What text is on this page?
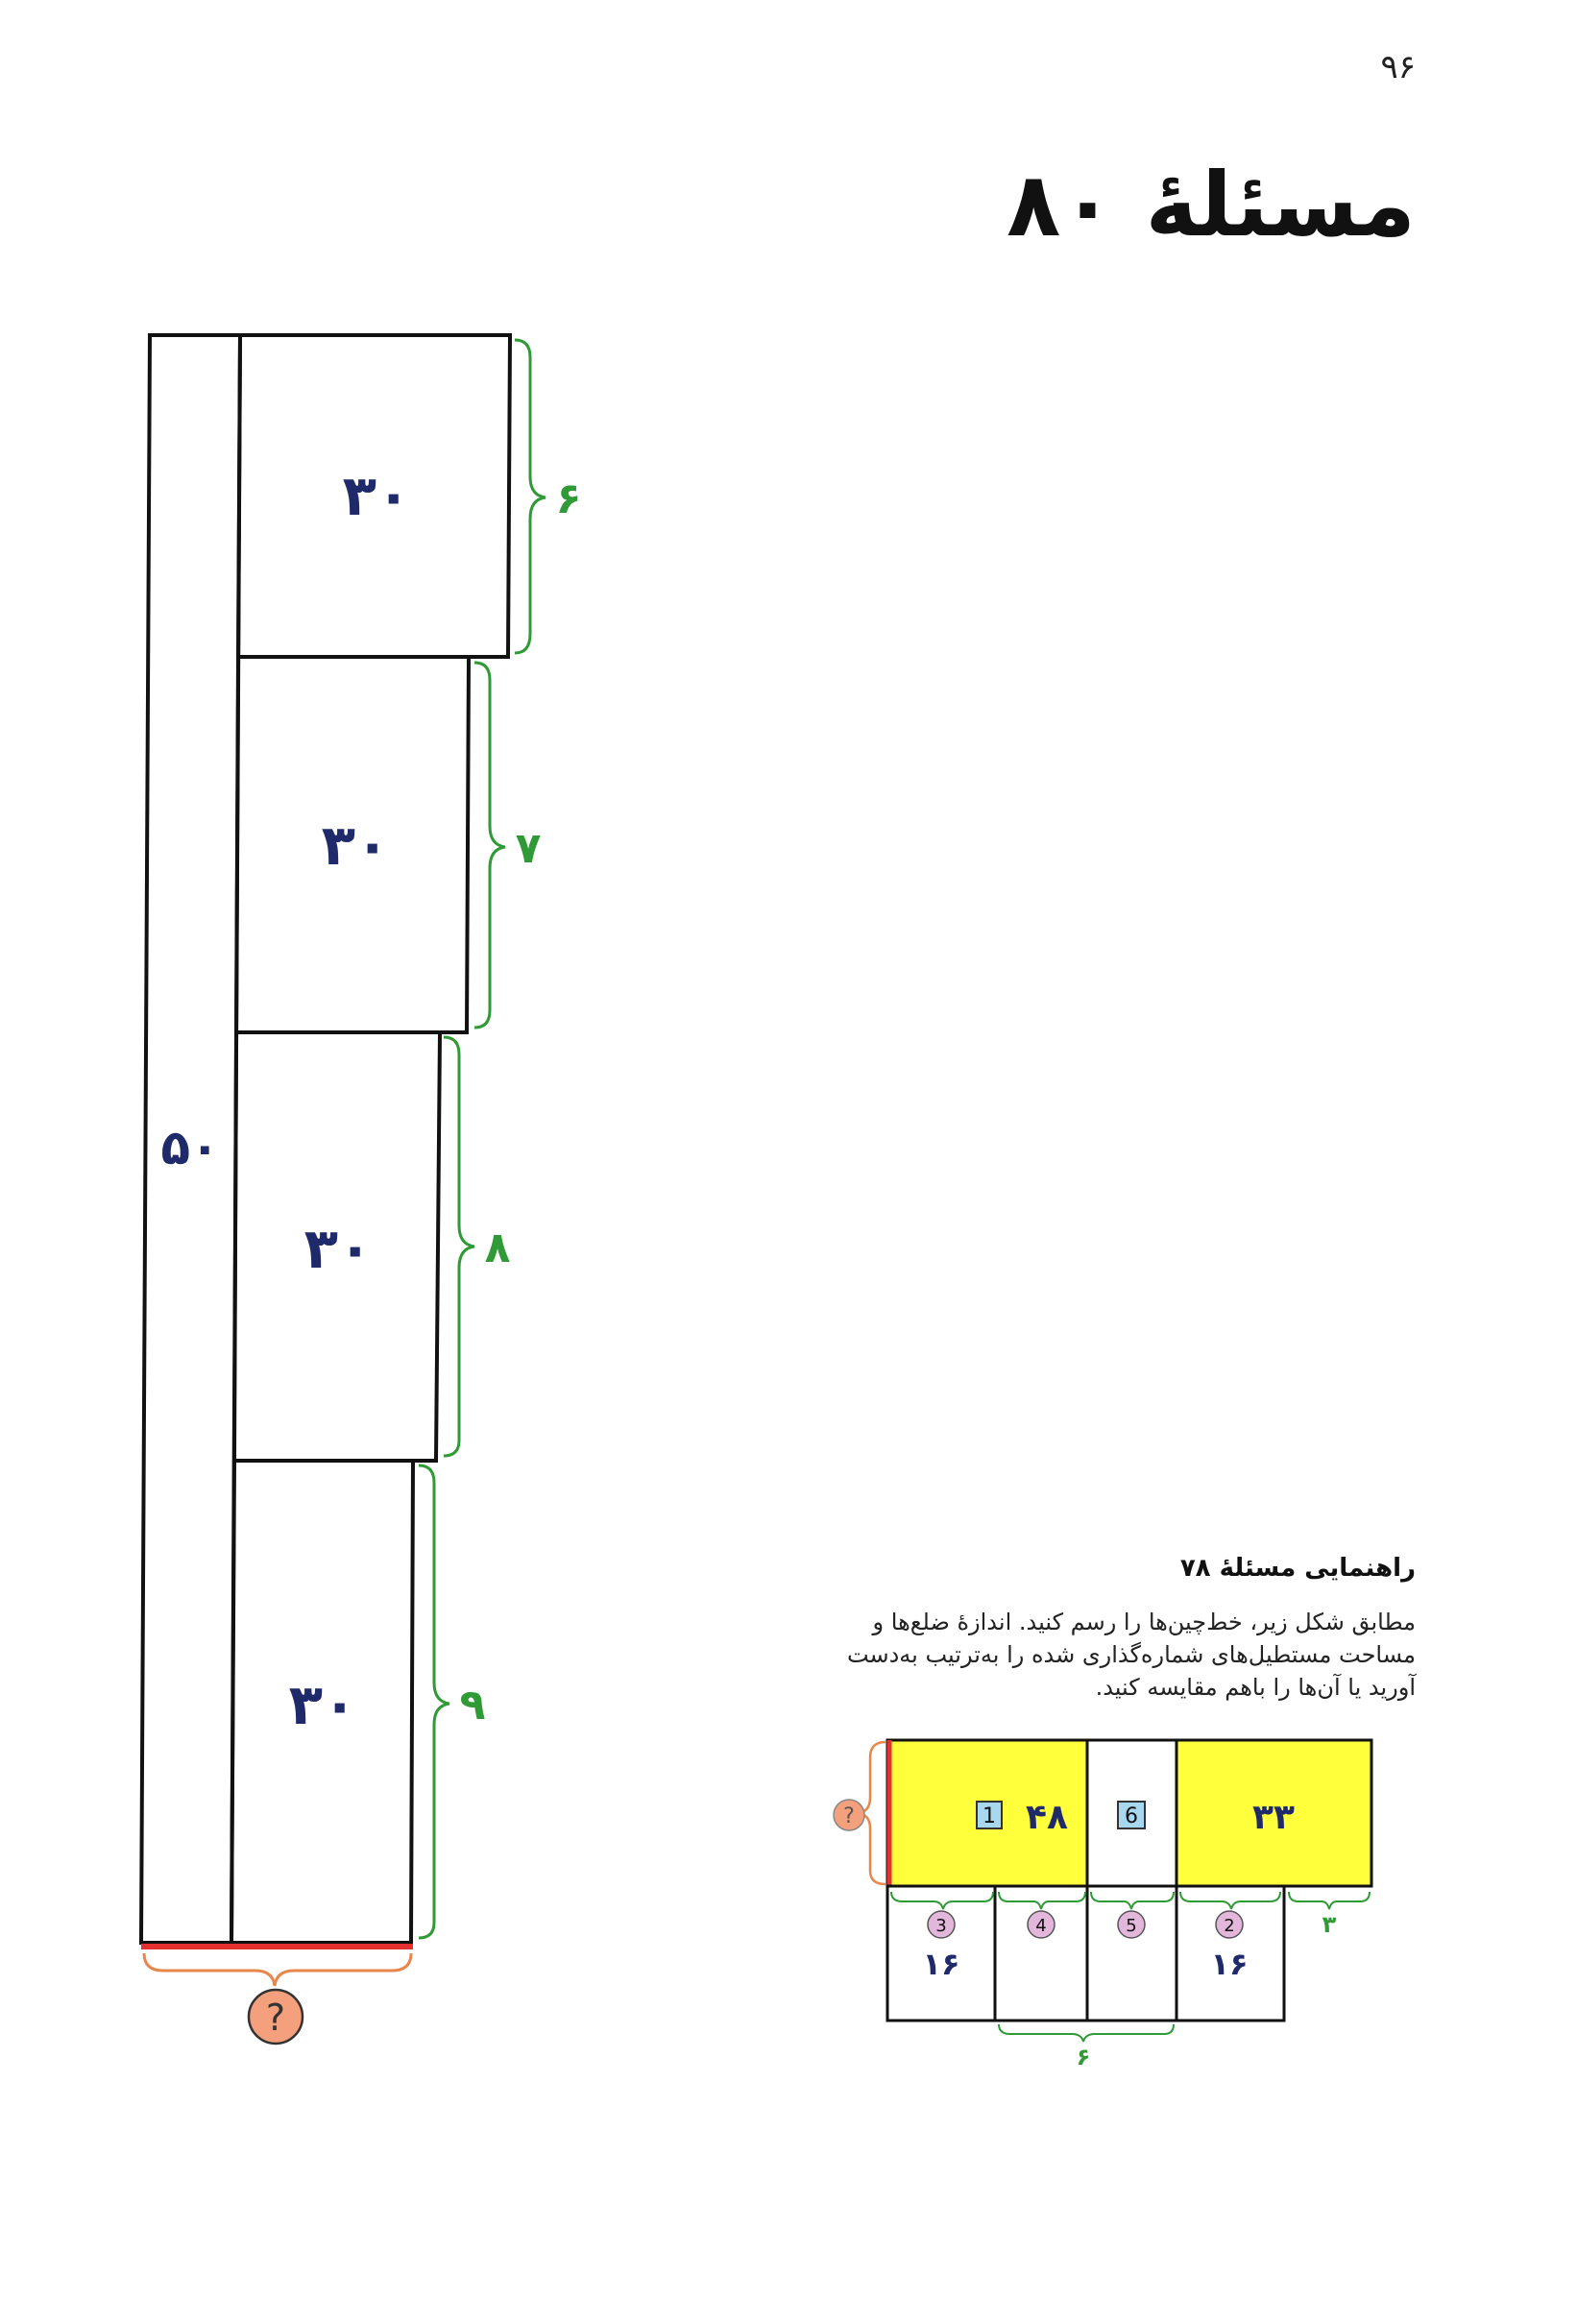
۹۶
مسئلهٔ ۸۰
۵۰
۳۰
۳۰
۳۰
۳۰
۶
۷
۸
۹
?
?	1 ۴۸	6	۳۳
3	4	5	2
۱۶	۱۶
۳
۶
راهنمایی مسئلهٔ ۷۸
مطابق شکل زیر، خط‌چین‌ها را رسم کنید. اندازهٔ ضلع‌ها و
مساحت مستطیل‌های شماره‌گذاری شده را به‌ترتیب به‌دست
آورید یا آن‌ها را باهم مقایسه کنید.
